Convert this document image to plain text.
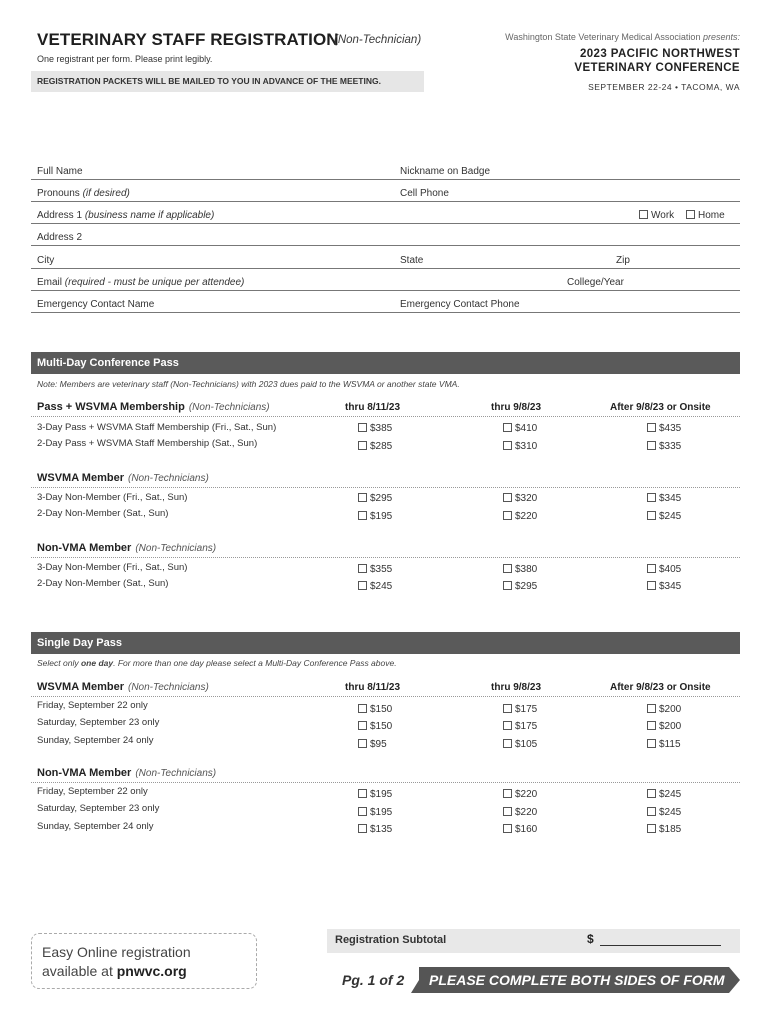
VETERINARY STAFF REGISTRATION
(Non-Technician)
One registrant per form. Please print legibly.
REGISTRATION PACKETS WILL BE MAILED TO YOU IN ADVANCE OF THE MEETING.
Washington State Veterinary Medical Association presents:
2023 PACIFIC NORTHWEST
VETERINARY CONFERENCE
SEPTEMBER 22-24 • TACOMA, WA
Full Name	Nickname on Badge
Pronouns (if desired)	Cell Phone
Address 1 (business name if applicable)	Work	Home
Address 2
City	State	Zip
Email (required - must be unique per attendee)	College/Year
Emergency Contact Name	Emergency Contact Phone
Multi-Day Conference Pass
Note: Members are veterinary staff (Non-Technicians) with 2023 dues paid to the WSVMA or another state VMA.
Pass + WSVMA Membership (Non-Technicians)	thru 8/11/23	thru 9/8/23	After 9/8/23 or Onsite
3-Day Pass + WSVMA Staff Membership (Fri., Sat., Sun)	$385	$410	$435
2-Day Pass + WSVMA Staff Membership (Sat., Sun)	$285	$310	$335
WSVMA Member (Non-Technicians)
3-Day Non-Member (Fri., Sat., Sun)	$295	$320	$345
2-Day Non-Member (Sat., Sun)	$195	$220	$245
Non-VMA Member (Non-Technicians)
3-Day Non-Member (Fri., Sat., Sun)	$355	$380	$405
2-Day Non-Member (Sat., Sun)	$245	$295	$345
Single Day Pass
Select only one day. For more than one day please select a Multi-Day Conference Pass above.
WSVMA Member (Non-Technicians)	thru 8/11/23	thru 9/8/23	After 9/8/23 or Onsite
Friday, September 22 only	$150	$175	$200
Saturday, September 23 only	$150	$175	$200
Sunday, September 24 only	$95	$105	$115
Non-VMA Member (Non-Technicians)
Friday, September 22 only	$195	$220	$245
Saturday, September 23 only	$195	$220	$245
Sunday, September 24 only	$135	$160	$185
Easy Online registration
available at pnwvc.org
Registration Subtotal	$
Pg. 1 of 2 PLEASE COMPLETE BOTH SIDES OF FORM
